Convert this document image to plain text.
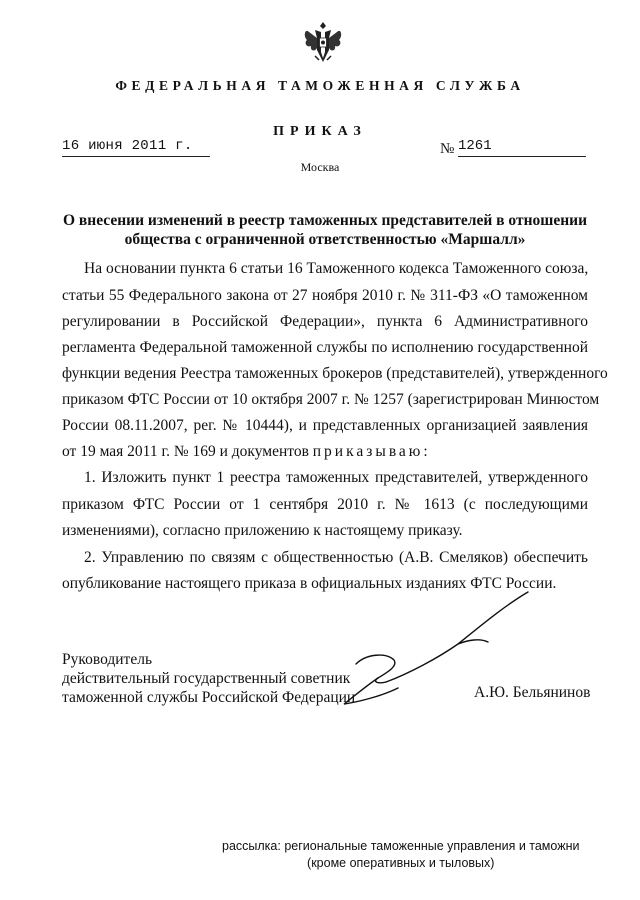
ФЕДЕРАЛЬНАЯ ТАМОЖЕННАЯ СЛУЖБА
ПРИКАЗ
16 июня 2011 г.	№ 1261
Москва
О внесении изменений в реестр таможенных представителей в отношении
общества с ограниченной ответственностью «Маршалл»
На основании пункта 6 статьи 16 Таможенного кодекса Таможенного союза,
статьи 55 Федерального закона от 27 ноября 2010 г. № 311-ФЗ «О таможенном
регулировании в Российской Федерации», пункта 6 Административного
регламента Федеральной таможенной службы по исполнению государственной
функции ведения Реестра таможенных брокеров (представителей), утвержденного
приказом ФТС России от 10 октября 2007 г. № 1257 (зарегистрирован Минюстом
России 08.11.2007, рег. № 10444), и представленных организацией заявления
от 19 мая 2011 г. № 169 и документов приказываю:
1. Изложить пункт 1 реестра таможенных представителей, утвержденного
приказом ФТС России от 1 сентября 2010 г. № 1613 (с последующими
изменениями), согласно приложению к настоящему приказу.
2. Управлению по связям с общественностью (А.В. Смеляков) обеспечить
опубликование настоящего приказа в официальных изданиях ФТС России.
Руководитель
действительный государственный советник
таможенной службы Российской Федерации	А.Ю. Бельянинов
рассылка: региональные таможенные управления и таможни
(кроме оперативных и тыловых)
